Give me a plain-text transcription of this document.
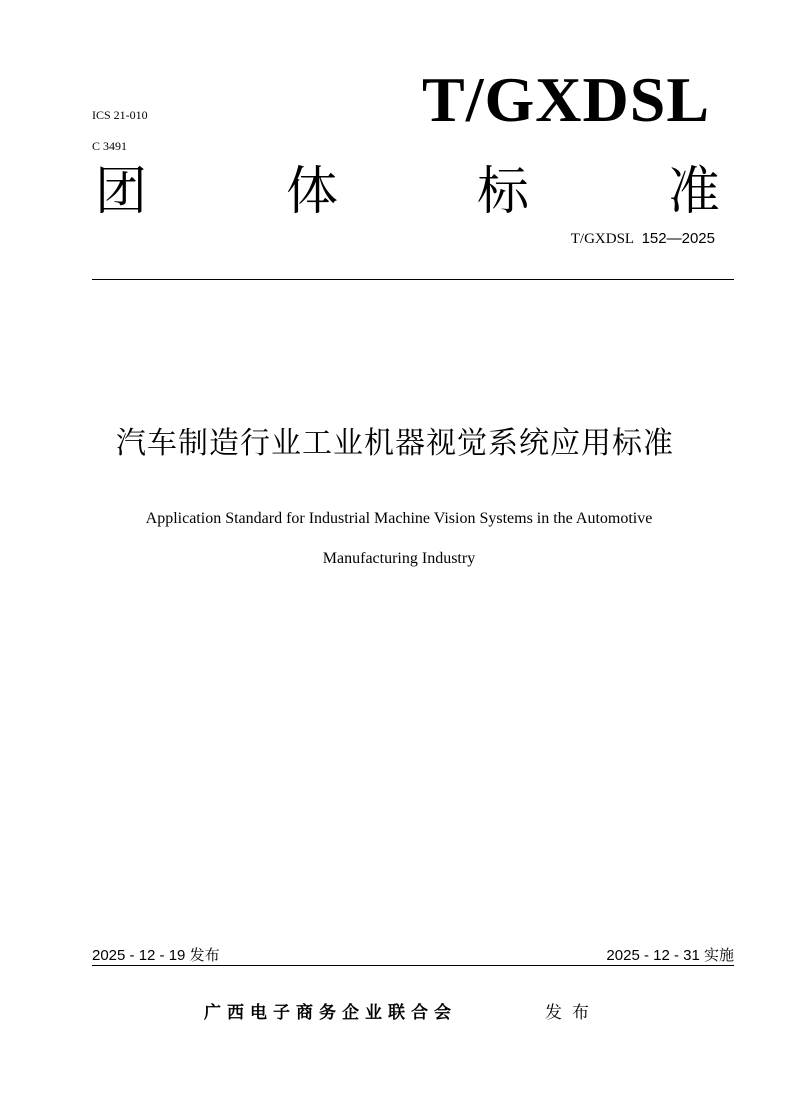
ICS 21-010
C 3491
T/GXDSL
团	体	标	准
T/GXDSL 152—2025
汽车制造行业工业机器视觉系统应用标准
Application Standard for Industrial Machine Vision Systems in the Automotive
Manufacturing Industry
2025 - 12 - 19 发布	2025 - 12 - 31 实施
广西电子商务企业联合会	发布
